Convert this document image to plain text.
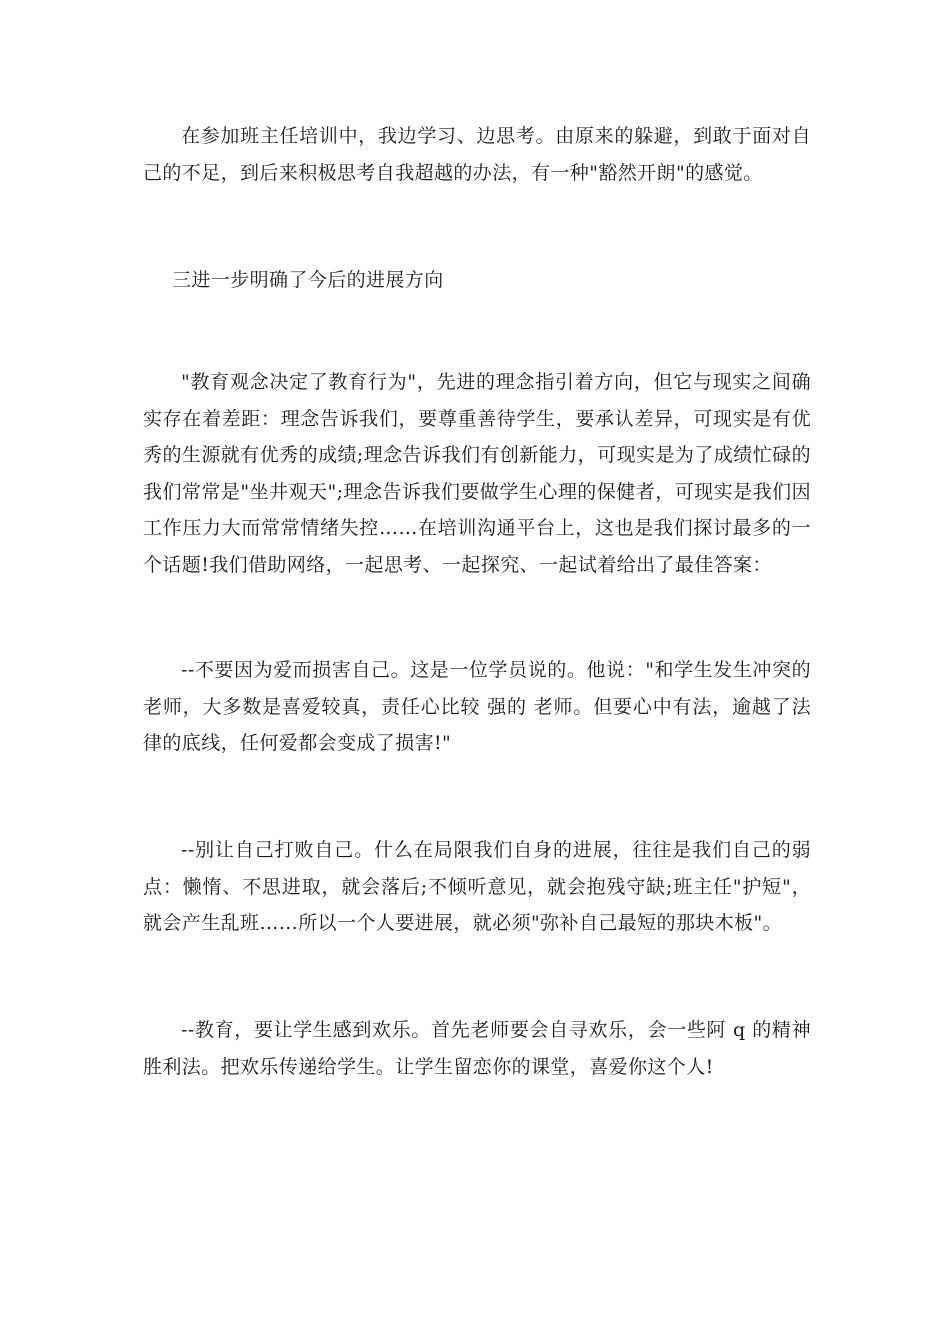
在参加班主任培训中，我边学习、边思考。由原来的躲避，到敢于面对自己的不足，到后来积极思考自我超越的办法，有一种"豁然开朗"的感觉。

三进一步明确了今后的进展方向

"教育观念决定了教育行为"，先进的理念指引着方向，但它与现实之间确实存在着差距：理念告诉我们，要尊重善待学生，要承认差异，可现实是有优秀的生源就有优秀的成绩;理念告诉我们有创新能力，可现实是为了成绩忙碌的我们常常是"坐井观天";理念告诉我们要做学生心理的保健者，可现实是我们因工作压力大而常常情绪失控……在培训沟通平台上，这也是我们探讨最多的一个话题!我们借助网络，一起思考、一起探究、一起试着给出了最佳答案：

--不要因为爱而损害自己。这是一位学员说的。他说："和学生发生冲突的老师，大多数是喜爱较真，责任心比较 强的 老师。但要心中有法，逾越了法律的底线，任何爱都会变成了损害!"

--别让自己打败自己。什么在局限我们自身的进展，往往是我们自己的弱点：懒惰、不思进取，就会落后;不倾听意见，就会抱残守缺;班主任"护短"，就会产生乱班……所以一个人要进展，就必须"弥补自己最短的那块木板"。

--教育，要让学生感到欢乐。首先老师要会自寻欢乐，会一些阿 q 的精神胜利法。把欢乐传递给学生。让学生留恋你的课堂，喜爱你这个人!
